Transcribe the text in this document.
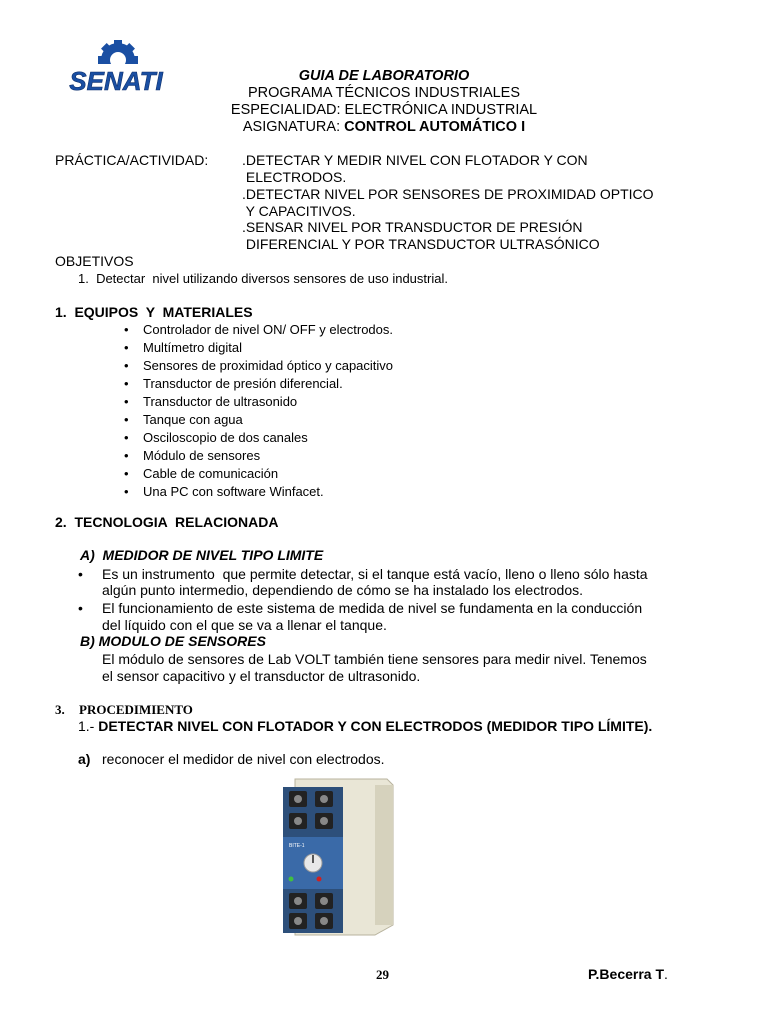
SENATI	GUIA DE LABORATORIO
PROGRAMA TÉCNICOS INDUSTRIALES
ESPECIALIDAD: ELECTRÓNICA INDUSTRIAL
ASIGNATURA: CONTROL AUTOMÁTICO I
PRÁCTICA/ACTIVIDAD: .DETECTAR Y MEDIR NIVEL CON FLOTADOR Y CON
ELECTRODOS.
.DETECTAR NIVEL POR SENSORES DE PROXIMIDAD OPTICO
Y CAPACITIVOS.
.SENSAR NIVEL POR TRANSDUCTOR DE PRESIÓN
DIFERENCIAL Y POR TRANSDUCTOR ULTRASÓNICO
OBJETIVOS
1.  Detectar  nivel utilizando diversos sensores de uso industrial.
1.  EQUIPOS  Y  MATERIALES
•    Controlador de nivel ON/ OFF y electrodos.
•    Multímetro digital
•    Sensores de proximidad óptico y capacitivo
•    Transductor de presión diferencial.
•    Transductor de ultrasonido
•    Tanque con agua
•    Osciloscopio de dos canales
•    Módulo de sensores
•    Cable de comunicación
•    Una PC con software Winfacet.
2.  TECNOLOGIA  RELACIONADA
A)  MEDIDOR DE NIVEL TIPO LIMITE
• Es un instrumento  que permite detectar, si el tanque está vacío, lleno o lleno sólo hasta
algún punto intermedio, dependiendo de cómo se ha instalado los electrodos.
• El funcionamiento de este sistema de medida de nivel se fundamenta en la conducción
del líquido con el que se va a llenar el tanque.
B) MODULO DE SENSORES
El módulo de sensores de Lab VOLT también tiene sensores para medir nivel. Tenemos
el sensor capacitivo y el transductor de ultrasonido.
3. PROCEDIMIENTO
1.- DETECTAR NIVEL CON FLOTADOR Y CON ELECTRODOS (MEDIDOR TIPO LÍMITE).
a) reconocer el medidor de nivel con electrodos.
BITE-1
29	P.Becerra T.
